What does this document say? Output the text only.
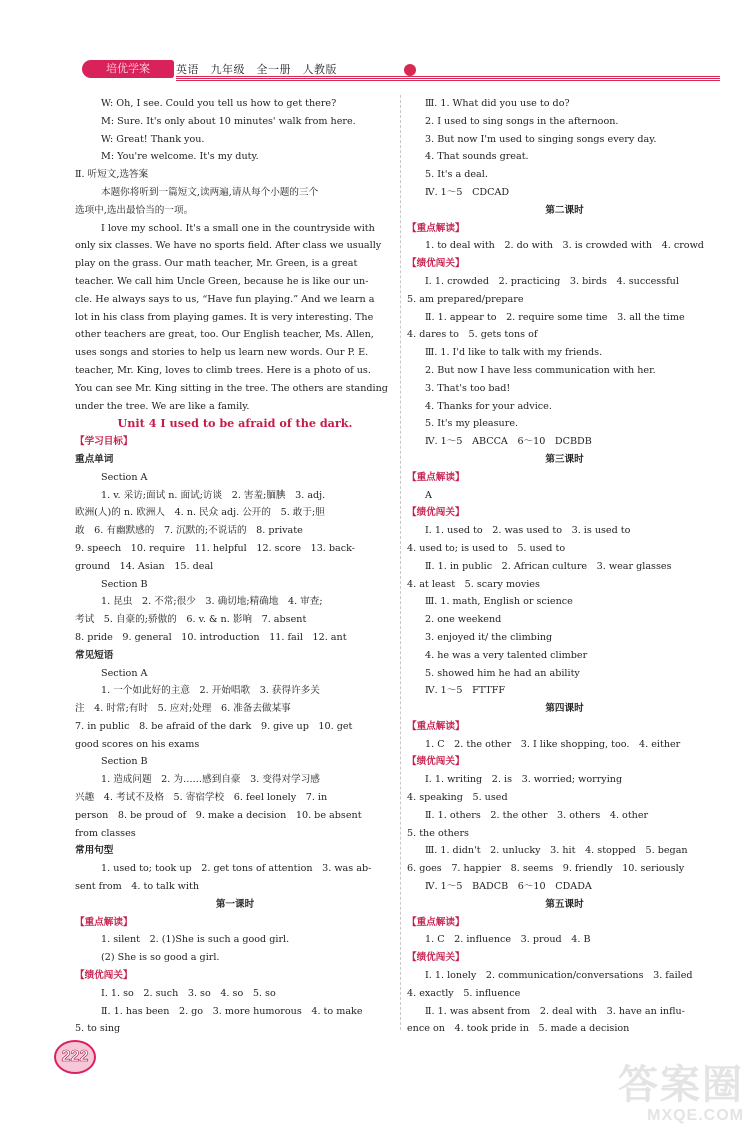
培优学案	英语　九年级　全一册　人教版

W: Oh, I see. Could you tell us how to get there?

M: Sure. It's only about 10 minutes' walk from here.

W: Great! Thank you.

M: You're welcome. It's my duty.

Ⅱ. 听短文,选答案

本题你将听到一篇短文,读两遍,请从每个小题的三个

选项中,选出最恰当的一项。

I love my school. It's a small one in the countryside with

only six classes. We have no sports field. After class we usually

play on the grass. Our math teacher, Mr. Green, is a great

teacher. We call him Uncle Green, because he is like our un-

cle. He always says to us, “Have fun playing.” And we learn a

lot in his class from playing games. It is very interesting. The

other teachers are great, too. Our English teacher, Ms. Allen,

uses songs and stories to help us learn new words. Our P. E.

teacher, Mr. King, loves to climb trees. Here is a photo of us.

You can see Mr. King sitting in the tree. The others are standing

under the tree. We are like a family.

Unit 4 I used to be afraid of the dark.

【学习目标】

重点单词

Section A

1. v. 采访;面试 n. 面试;访谈　2. 害羞;腼腆　3. adj.

欧洲(人)的 n. 欧洲人　4. n. 民众 adj. 公开的　5. 敢于;胆

敢　6. 有幽默感的　7. 沉默的;不说话的　8. private

9. speech　10. require　11. helpful　12. score　13. back-

ground　14. Asian　15. deal

Section B

1. 昆虫　2. 不常;很少　3. 确切地;精确地　4. 审查;

考试　5. 自豪的;骄傲的　6. v. & n. 影响　7. absent

8. pride　9. general　10. introduction　11. fail　12. ant

常见短语

Section A

1. 一个如此好的主意　2. 开始唱歌　3. 获得许多关

注　4. 时常;有时　5. 应对;处理　6. 准备去做某事

7. in public　8. be afraid of the dark　9. give up　10. get

good scores on his exams

Section B

1. 造成问题　2. 为……感到自豪　3. 变得对学习感

兴趣　4. 考试不及格　5. 寄宿学校　6. feel lonely　7. in

person　8. be proud of　9. make a decision　10. be absent

from classes

常用句型

1. used to; took up　2. get tons of attention　3. was ab-

sent from　4. to talk with

第一课时

【重点解读】

1. silent　2. (1)She is such a good girl.

(2) She is so good a girl.

【绩优闯关】

Ⅰ. 1. so　2. such　3. so　4. so　5. so

Ⅱ. 1. has been　2. go　3. more humorous　4. to make

5. to sing

Ⅲ. 1. What did you use to do?

2. I used to sing songs in the afternoon.

3. But now I'm used to singing songs every day.

4. That sounds great.

5. It's a deal.

Ⅳ. 1～5　CDCAD

第二课时

【重点解读】

1. to deal with　2. do with　3. is crowded with　4. crowd

【绩优闯关】

Ⅰ. 1. crowded　2. practicing　3. birds　4. successful

5. am prepared/prepare

Ⅱ. 1. appear to　2. require some time　3. all the time

4. dares to　5. gets tons of

Ⅲ. 1. I'd like to talk with my friends.

2. But now I have less communication with her.

3. That's too bad!

4. Thanks for your advice.

5. It's my pleasure.

Ⅳ. 1～5　ABCCA　6～10　DCBDB

第三课时

【重点解读】

A

【绩优闯关】

Ⅰ. 1. used to　2. was used to　3. is used to

4. used to; is used to　5. used to

Ⅱ. 1. in public　2. African culture　3. wear glasses

4. at least　5. scary movies

Ⅲ. 1. math, English or science

2. one weekend

3. enjoyed it/ the climbing

4. he was a very talented climber

5. showed him he had an ability

Ⅳ. 1～5　FTTFF

第四课时

【重点解读】

1. C　2. the other　3. I like shopping, too.　4. either

【绩优闯关】

Ⅰ. 1. writing　2. is　3. worried; worrying

4. speaking　5. used

Ⅱ. 1. others　2. the other　3. others　4. other

5. the others

Ⅲ. 1. didn't　2. unlucky　3. hit　4. stopped　5. began

6. goes　7. happier　8. seems　9. friendly　10. seriously

Ⅳ. 1～5　BADCB　6～10　CDADA

第五课时

【重点解读】

1. C　2. influence　3. proud　4. B

【绩优闯关】

Ⅰ. 1. lonely　2. communication/conversations　3. failed

4. exactly　5. influence

Ⅱ. 1. was absent from　2. deal with　3. have an influ-

ence on　4. took pride in　5. made a decision

222
答案圈
MXQE.COM
